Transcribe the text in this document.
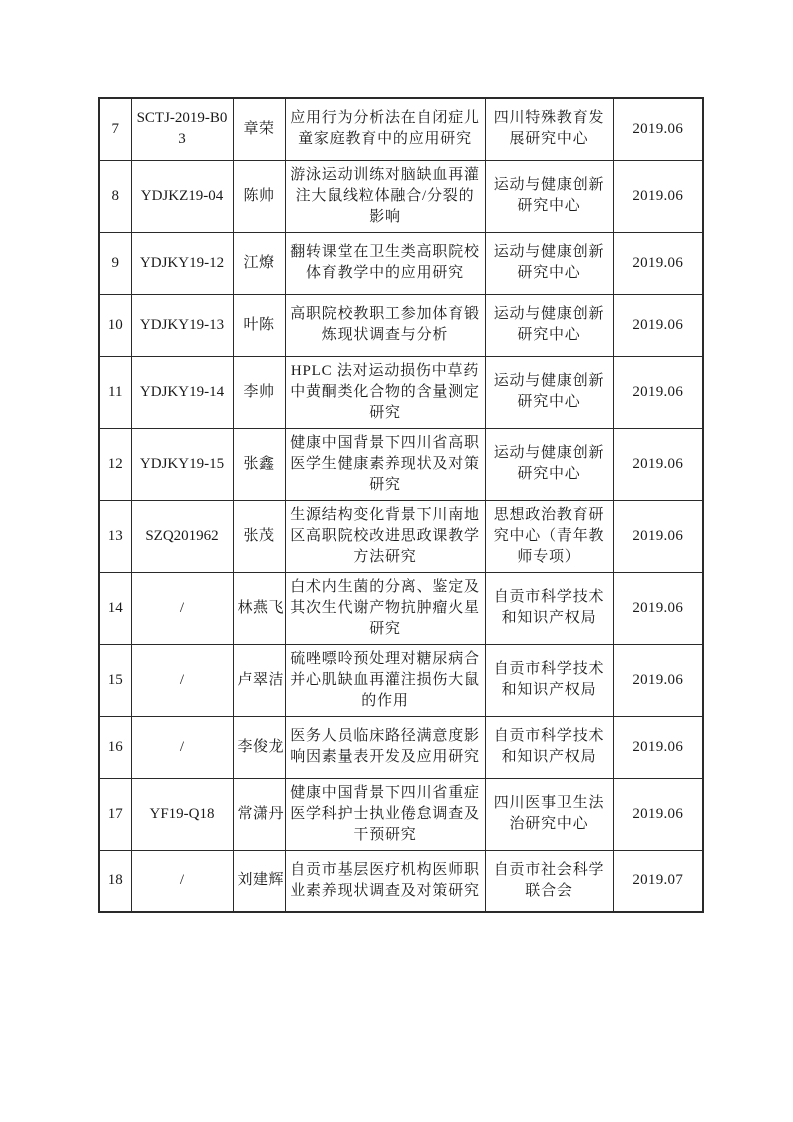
7	SCTJ-2019-B03	章荣	应用行为分析法在自闭症儿童家庭教育中的应用研究	四川特殊教育发展研究中心	2019.06
8	YDJKZ19-04	陈帅	游泳运动训练对脑缺血再灌注大鼠线粒体融合/分裂的影响	运动与健康创新研究中心	2019.06
9	YDJKY19-12	江燎	翻转课堂在卫生类高职院校体育教学中的应用研究	运动与健康创新研究中心	2019.06
10	YDJKY19-13	叶陈	高职院校教职工参加体育锻炼现状调查与分析	运动与健康创新研究中心	2019.06
11	YDJKY19-14	李帅	HPLC 法对运动损伤中草药中黄酮类化合物的含量测定研究	运动与健康创新研究中心	2019.06
12	YDJKY19-15	张鑫	健康中国背景下四川省高职医学生健康素养现状及对策研究	运动与健康创新研究中心	2019.06
13	SZQ201962	张茂	生源结构变化背景下川南地区高职院校改进思政课教学方法研究	思想政治教育研究中心（青年教师专项）	2019.06
14	/	林燕飞	白术内生菌的分离、鉴定及其次生代谢产物抗肿瘤火星研究	自贡市科学技术和知识产权局	2019.06
15	/	卢翠洁	硫唑嘌呤预处理对糖尿病合并心肌缺血再灌注损伤大鼠的作用	自贡市科学技术和知识产权局	2019.06
16	/	李俊龙	医务人员临床路径满意度影响因素量表开发及应用研究	自贡市科学技术和知识产权局	2019.06
17	YF19-Q18	常潇丹	健康中国背景下四川省重症医学科护士执业倦怠调查及干预研究	四川医事卫生法治研究中心	2019.06
18	/	刘建辉	自贡市基层医疗机构医师职业素养现状调查及对策研究	自贡市社会科学联合会	2019.07
